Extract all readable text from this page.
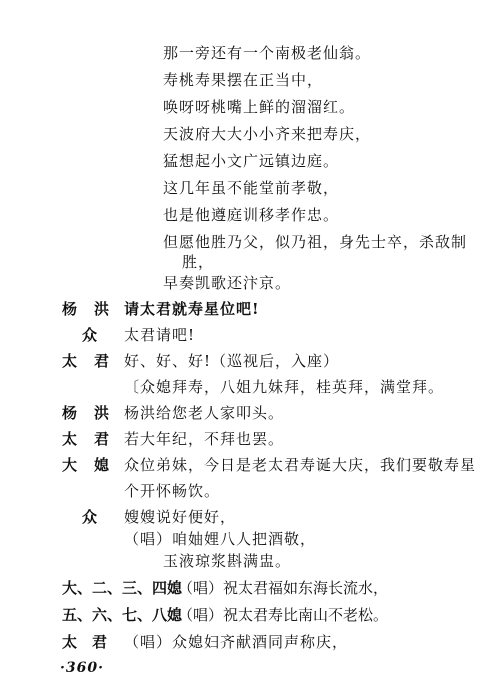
那一旁还有一个南极老仙翁。
寿桃寿果摆在正当中，
唤呀呀桃嘴上鲜的溜溜红。
天波府大大小小齐来把寿庆，
猛想起小文广远镇边庭。
这几年虽不能堂前孝敬，
也是他遵庭训移孝作忠。
但愿他胜乃父，似乃祖，身先士卒，杀敌制
胜，
早奏凯歌还汴京。
杨　洪 请太君就寿星位吧!
众 太君请吧!
太　君 好、好、好!（巡视后，入座）
〔众媳拜寿，八姐九妹拜，桂英拜，满堂拜。
杨　洪 杨洪给您老人家叩头。
太　君 若大年纪，不拜也罢。
大　媳 众位弟妹，今日是老太君寿诞大庆，我们要敬寿星
个开怀畅饮。
众 嫂嫂说好便好，
（唱）咱妯娌八人把酒敬，
玉液琼浆斟满盅。
大、二、三、四媳
（唱）祝太君福如东海长流水，
·360·
五、六、七、八媳
（唱）祝太君寿比南山不老松。
太　君 （唱）众媳妇齐献酒同声称庆，
